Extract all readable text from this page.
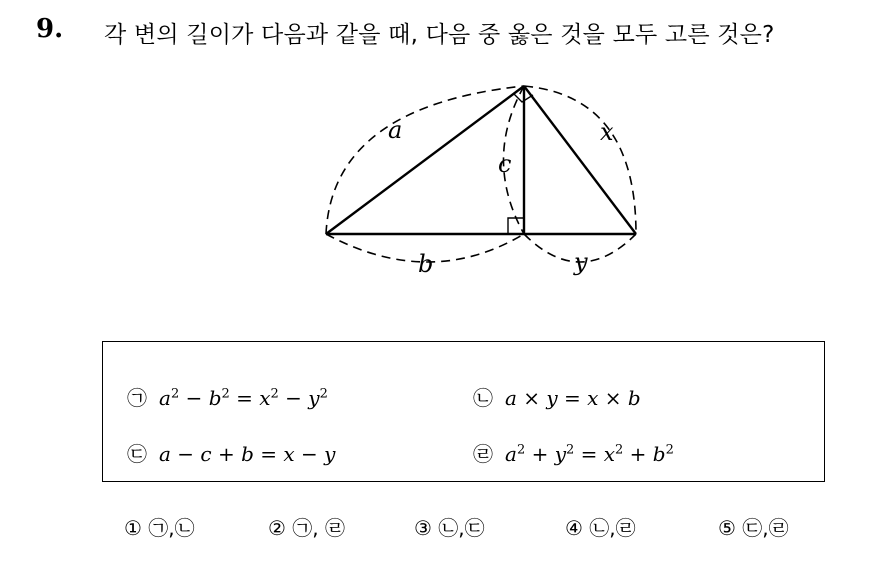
9. 각 변의 길이가 다음과 같을 때, 다음 중 옳은 것을 모두 고른 것은?
a
c
x
b	y
㉠ $a^2 - b^2 = x^2 - y^2$	㉡ a × y = x × b
㉢ a − c + b = x − y	㉣ $a^2 + y^2 = x^2 + b^2$
① ㉠,㉡	② ㉠, ㉣	③ ㉡,㉢	④ ㉡,㉣	⑤ ㉢,㉣
